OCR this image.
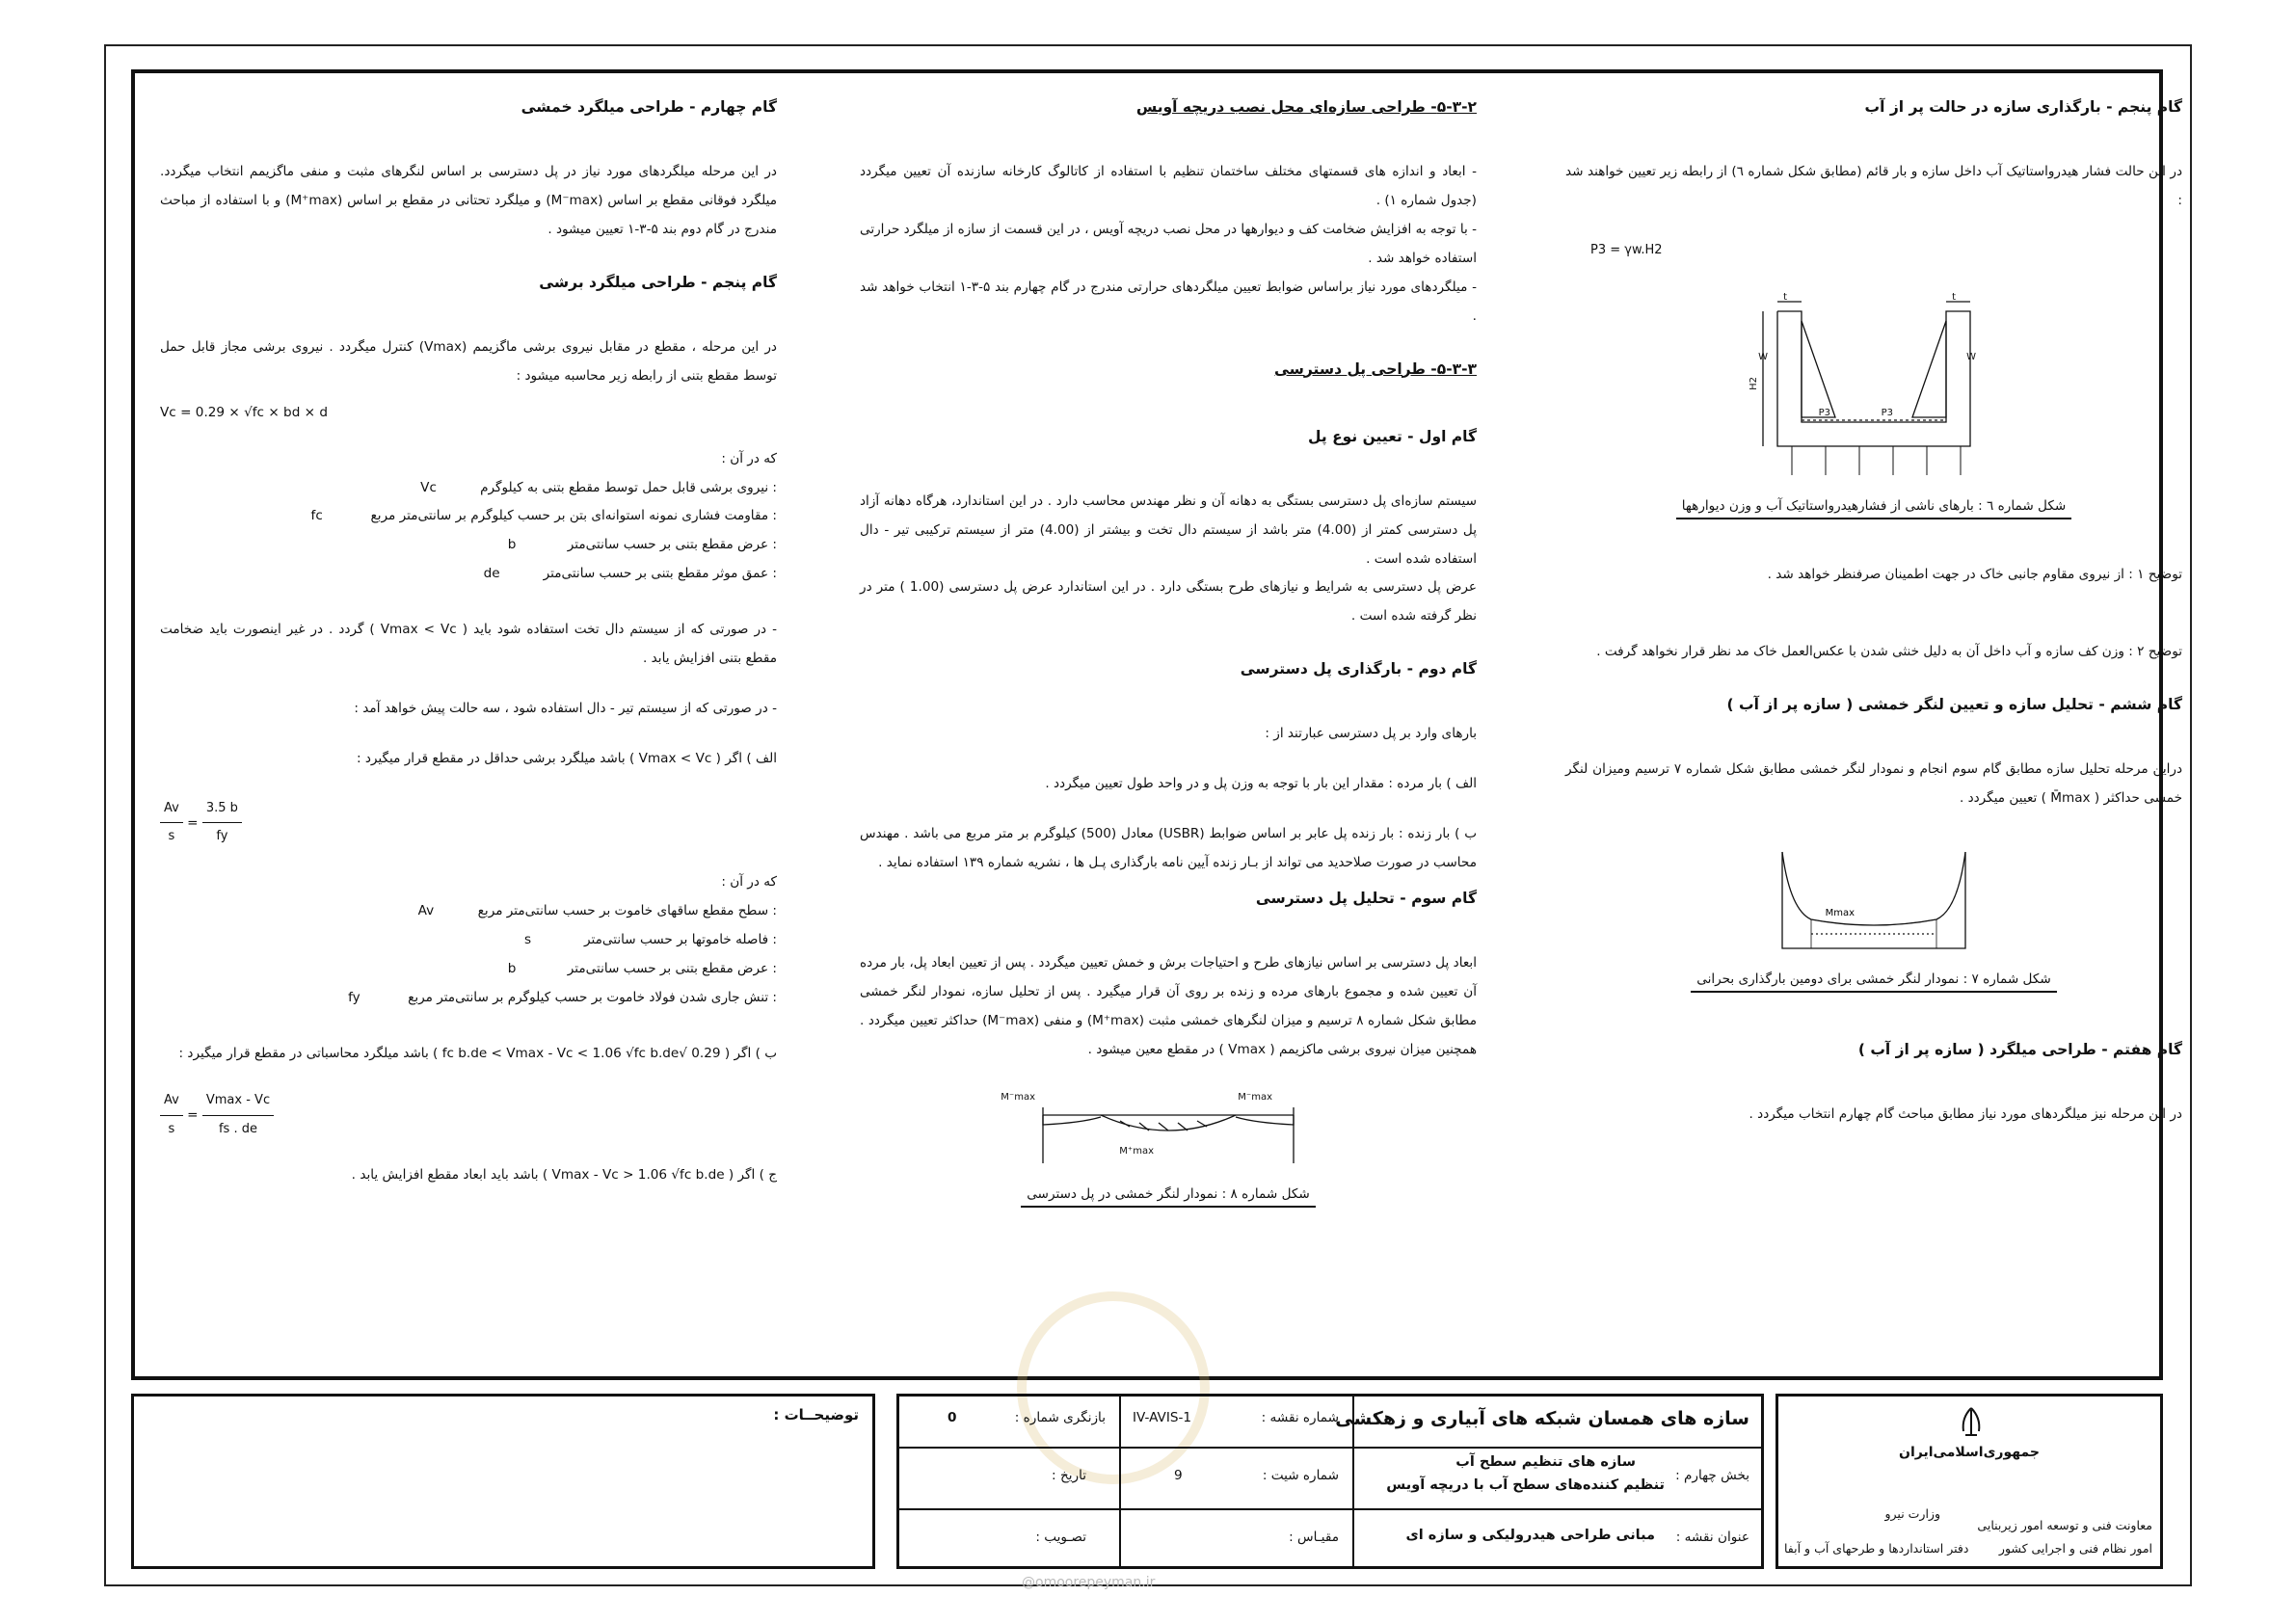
گام پنجم - بارگذاری سازه در حالت پر از آب
در این حالت فشار هیدرواستاتیک آب داخل سازه و بار قائم (مطابق شکل شماره ٦) از رابطه زیر تعیین خواهند شد :
P3 = γw.H2
H2
W	W
P3	P3
t	t
شکل شماره ٦ : بارهای ناشی از فشارهیدرواستاتیک آب و وزن دیوارهها
توضیح ۱ : از نیروی مقاوم جانبی خاک در جهت اطمینان صرفنظر خواهد شد .
توضیح ۲ : وزن کف سازه و آب داخل آن به دلیل خنثی شدن با عکس‌العمل خاک مد نظر قرار نخواهد گرفت .
گام ششم - تحلیل سازه و تعیین لنگر خمشی ( سازه پر از آب )
دراین مرحله تحلیل سازه مطابق گام سوم انجام و نمودار لنگر خمشی مطابق شکل شماره ۷ ترسیم ومیزان لنگر خمشی حداکثر ( M̄max ) تعیین میگردد .
Mmax
شکل شماره ۷ : نمودار لنگر خمشی برای دومین بارگذاری بحرانی
گام هفتم - طراحی میلگرد ( سازه پر از آب )
در این مرحله نیز میلگردهای مورد نیاز مطابق مباحث گام چهارم انتخاب میگردد .
۵-۳-۲- طراحی سازه‌ای محل نصب دریچه آویس
- ابعاد و اندازه های قسمتهای مختلف ساختمان تنظیم با استفاده از کاتالوگ کارخانه سازنده آن تعیین میگردد (جدول شماره ۱) .
- با توجه به افزایش ضخامت کف و دیوارهها در محل نصب دریچه آویس ، در این قسمت از سازه از میلگرد حرارتی استفاده خواهد شد .
- میلگردهای مورد نیاز براساس ضوابط تعیین میلگردهای حرارتی مندرج در گام چهارم بند ۵-۳-۱ انتخاب خواهد شد .
۵-۳-۳- طراحی پل دسترسی
گام اول - تعیین نوع پل
سیستم سازه‌ای پل دسترسی بستگی به دهانه آن و نظر مهندس محاسب دارد . در این استاندارد، هرگاه دهانه آزاد پل دسترسی کمتر از (4.00) متر باشد از سیستم دال تخت و بیشتر از (4.00) متر از سیستم ترکیبی تیر - دال استفاده شده است .
عرض پل دسترسی به شرایط و نیازهای طرح بستگی دارد . در این استاندارد عرض پل دسترسی (1.00 ) متر در نظر گرفته شده است .
گام دوم - بارگذاری پل دسترسی
بارهای وارد بر پل دسترسی عبارتند از :
الف ) بار مرده : مقدار این بار با توجه به وزن پل و در واحد طول تعیین میگردد .
ب ) بار زنده : بار زنده پل عابر بر اساس ضوابط (USBR) معادل (500) کیلوگرم بر متر مربع می باشد . مهندس محاسب در صورت صلاحدید می تواند از بـار زنده آیین نامه بارگذاری پـل ها ، نشریه شماره ۱۳۹ استفاده نماید .
گام سوم - تحلیل پل دسترسی
ابعاد پل دسترسی بر اساس نیازهای طرح و احتیاجات برش و خمش تعیین میگردد . پس از تعیین ابعاد پل، بار مرده آن تعیین شده و مجموع بارهای مرده و زنده بر روی آن قرار میگیرد . پس از تحلیل سازه، نمودار لنگر خمشی مطابق شکل شماره ۸ ترسیم و میزان لنگرهای خمشی مثبت (M⁺max) و منفی (M⁻max) حداکثر تعیین میگردد . همچنین میزان نیروی برشی ماکزیمم ( Vmax ) در مقطع معین میشود .
M⁻max	M⁻max
M⁺max
شکل شماره ۸ : نمودار لنگر خمشی در پل دسترسی
گام چهارم - طراحی میلگرد خمشی
در این مرحله میلگردهای مورد نیاز در پل دسترسی بر اساس لنگرهای مثبت و منفی ماگزیمم انتخاب میگردد. میلگرد فوقانی مقطع بر اساس (M⁻max) و میلگرد تحتانی در مقطع بر اساس (M⁺max) و با استفاده از مباحث مندرج در گام دوم بند ۵-۳-۱ تعیین میشود .
گام پنجم - طراحی میلگرد برشی
در این مرحله ، مقطع در مقابل نیروی برشی ماگزیمم (Vmax) کنترل میگردد . نیروی برشی مجاز قابل حمل توسط مقطع بتنی از رابطه زیر محاسبه میشود :
Vc = 0.29 × √fc × bd × d
که در آن :
: نیروی برشی قابل حمل توسط مقطع بتنی به کیلوگرم
Vc
: مقاومت فشاری نمونه استوانه‌ای بتن بر حسب کیلوگرم بر سانتی‌متر مربع
fc
: عرض مقطع بتنی بر حسب سانتی‌متر
b
: عمق موثر مقطع بتنی بر حسب سانتی‌متر
de
- در صورتی که از سیستم دال تخت استفاده شود باید ( Vmax < Vc ) گردد . در غیر اینصورت باید ضخامت مقطع بتنی افزایش یابد .
- در صورتی که از سیستم تیر - دال استفاده شود ، سه حالت پیش خواهد آمد :
الف ) اگر ( Vmax < Vc ) باشد میلگرد برشی حداقل در مقطع قرار میگیرد :
$\frac{Av}{s} = \frac{3.5 b}{fy}$
که در آن :
: سطح مقطع ساقهای خاموت بر حسب سانتی‌متر مربع
Av
: فاصله خاموتها بر حسب سانتی‌متر
s
: عرض مقطع بتنی بر حسب سانتی‌متر
b
: تنش جاری شدن فولاد خاموت بر حسب کیلوگرم بر سانتی‌متر مربع
fy
ب ) اگر ( 0.29 √fc b.de < Vmax - Vc < 1.06 √fc b.de ) باشد میلگرد محاسباتی در مقطع قرار میگیرد :
$\frac{Av}{s} = \frac{Vmax - Vc}{fs . de}$
ج ) اگر ( Vmax - Vc > 1.06 √fc b.de ) باشد باید ابعاد مقطع افزایش یابد .
@omoorepeyman.ir
توضیحــات :	سازه های همسان شبکه های آبیاری و زهکشی
شماره نقشه :
IV-AVIS-1
بازنگری شماره :
0
بخش چهارم :
سازه های تنظیم سطح آب
تنظیم کننده‌های سطح آب با دریچه آویس
شماره شیت :
9
تاریخ :
عنوان نقشه :
مبانی طراحی هیدرولیکی و سازه ای
مقیـاس :
تصـویب :
جمهوری‌اسلامی‌ایران
وزارت نیرو
معاونت فنی و توسعه امور زیربنایی
امور نظام فنی و اجرایی کشور
دفتر استانداردها و طرحهای آب و آبفا
